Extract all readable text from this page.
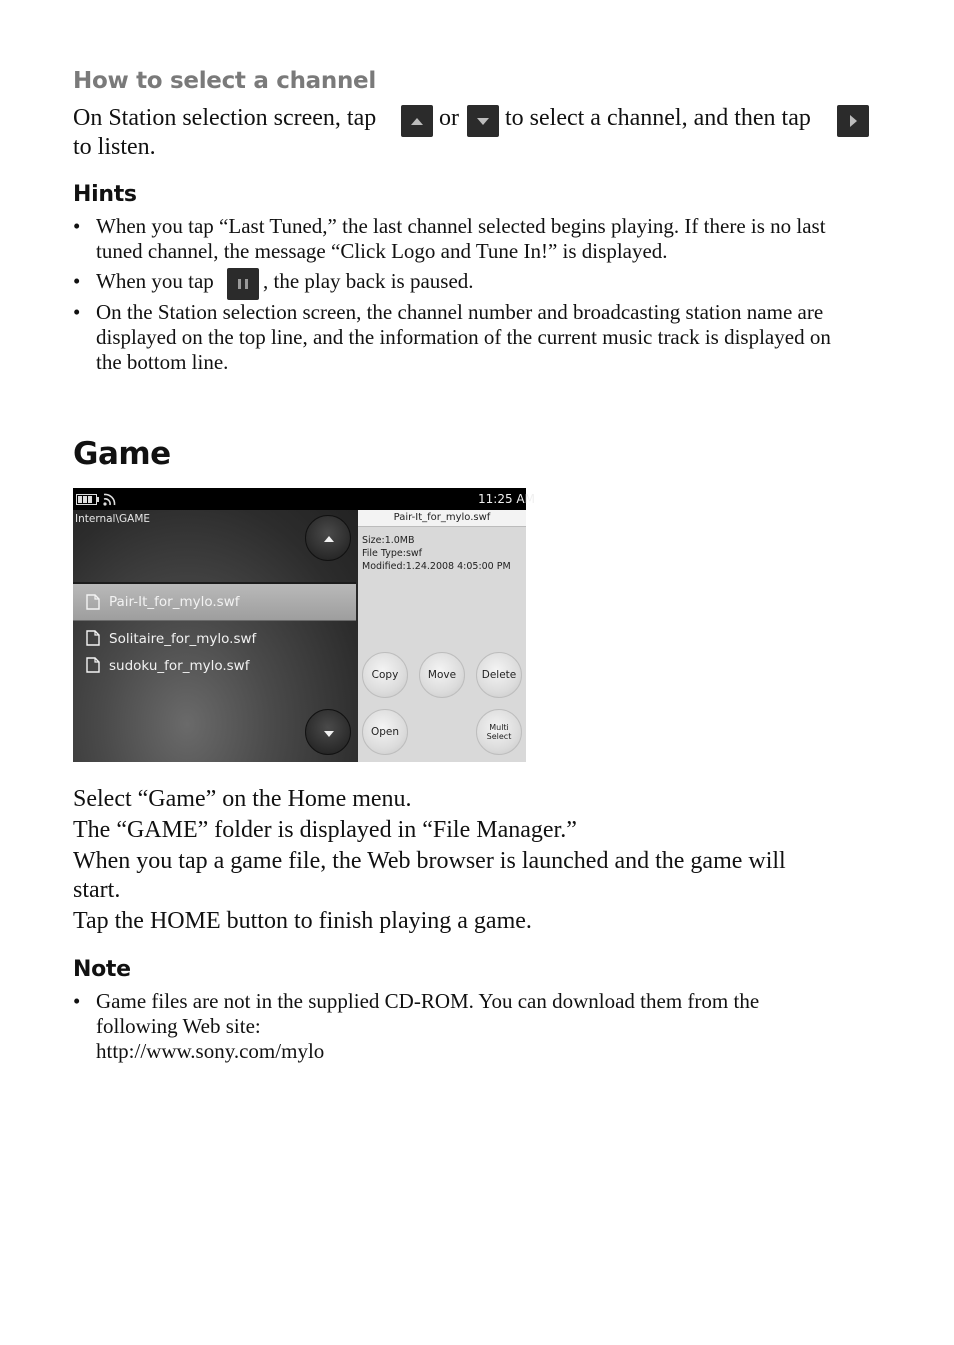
How to select a channel
On Station selection screen, tap	or to select a channel, and then tap
to listen.
Hints
• When you tap “Last Tuned,” the last channel selected begins playing. If there is no last
tuned channel, the message “Click Logo and Tune In!” is displayed.
• When you tap , the play back is paused.
• On the Station selection screen, the channel number and broadcasting station name are
displayed on the top line, and the information of the current music track is displayed on
the bottom line.
Game
11:25 AM
Internal\GAME
Pair-It_for_mylo.swf
Solitaire_for_mylo.swf
sudoku_for_mylo.swf
Pair-It_for_mylo.swf
Size:1.0MB
File Type:swf
Modified:1.24.2008 4:05:00 PM
Copy	Move	Delete
Open	Multi
Select
Select “Game” on the Home menu.
The “GAME” folder is displayed in “File Manager.”
When you tap a game file, the Web browser is launched and the game will
start.
Tap the HOME button to finish playing a game.
Note
• Game files are not in the supplied CD-ROM. You can download them from the
following Web site:
http://www.sony.com/mylo
